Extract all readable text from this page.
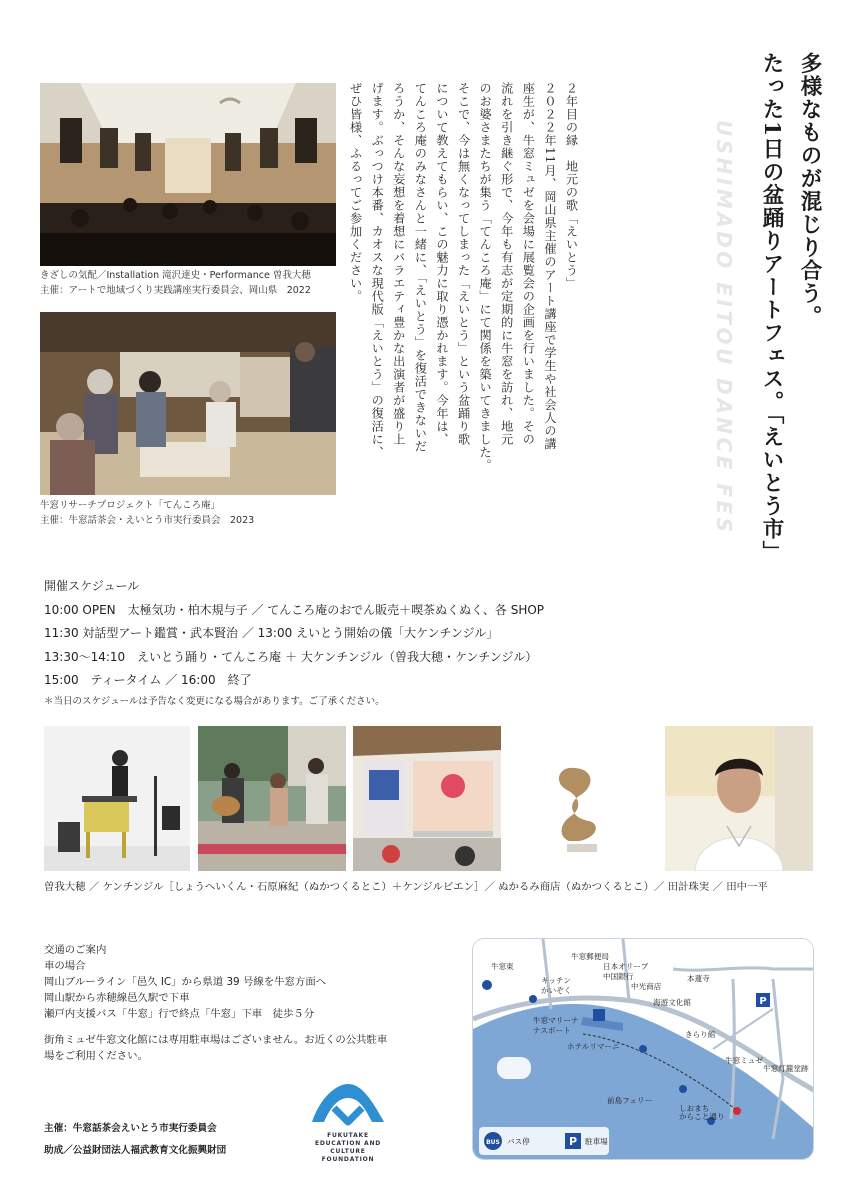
きざしの気配／Installation 滝沢達史・Performance 曽我大穂
主催：アートで地域づくり実践講座実行委員会、岡山県　2022
牛窓リサーチプロジェクト「てんころ庵」
主催：牛窓話茶会・えいとう市実行委員会　2023
多様なものが混じり合う。
たった1日の盆踊りアートフェス。「えいとう市」
USHIMADO EITOU DANCE FES
２年目の縁　地元の歌「えいとう」
２０２２年11月、岡山県主催のアート講座で学生や社会人の講
座生が、牛窓ミュゼを会場に展覧会の企画を行いました。その
流れを引き継ぐ形で、今年も有志が定期的に牛窓を訪れ、地元
のお婆さまたちが集う「てんころ庵」にて関係を築いてきました。
そこで、今は無くなってしまった「えいとう」という盆踊り歌
について教えてもらい、この魅力に取り憑かれます。今年は、
てんころ庵のみなさんと一緒に、「えいとう」を復活できないだ
ろうか、そんな妄想を着想にバラエティ豊かな出演者が盛り上
げます。ぶっつけ本番、カオスな現代版「えいとう」の復活に、
ぜひ皆様、ふるってご参加ください。
開催スケジュール
10:00 OPEN　太極気功・柏木規与子 ／ てんころ庵のおでん販売＋喫茶ぬくぬく、各 SHOP
11:30 対話型アート鑑賞・武本賢治 ／ 13:00 えいとう開始の儀「大ケンチンジル」
13:30〜14:10　えいとう踊り・てんころ庵 ＋ 大ケンチンジル（曽我大穂・ケンチンジル）
15:00　ティータイム ／ 16:00　終了
＊当日のスケジュールは予告なく変更になる場合があります。ご了承ください。
曽我大穂 ／ ケンチンジル［しょうへいくん・石原麻紀（ぬかつくるとこ）＋ケンジルビエン］／ ぬかるみ商店（ぬかつくるとこ）／ 田計珠実 ／ 田中一平
交通のご案内
車の場合
岡山ブルーライン「邑久 IC」から県道 39 号線を牛窓方面へ
岡山駅から赤穂線邑久駅で下車
瀬戸内支援バス「牛窓」行で終点「牛窓」下車　徒歩５分
街角ミュゼ牛窓文化館には専用駐車場はございません。お近くの公共駐車
場をご利用ください。
主催：牛窓話茶会えいとう市実行委員会
助成／公益財団法人福武教育文化振興財団
FUKUTAKE
EDUCATION AND CULTURE
FOUNDATION
P
キッチン
かいぞく
牛窓郵便局
日本オリーブ
中国銀行
牛窓東
中光商店
海遊文化館
本蓮寺
きらり館
牛窓マリーナ
ナスボート
ホテルリマーニ
前島フェリー
しおまち
からこと通り
牛窓ミュゼ
牛窓灯籠堂跡
BUS バス停	P 駐車場
